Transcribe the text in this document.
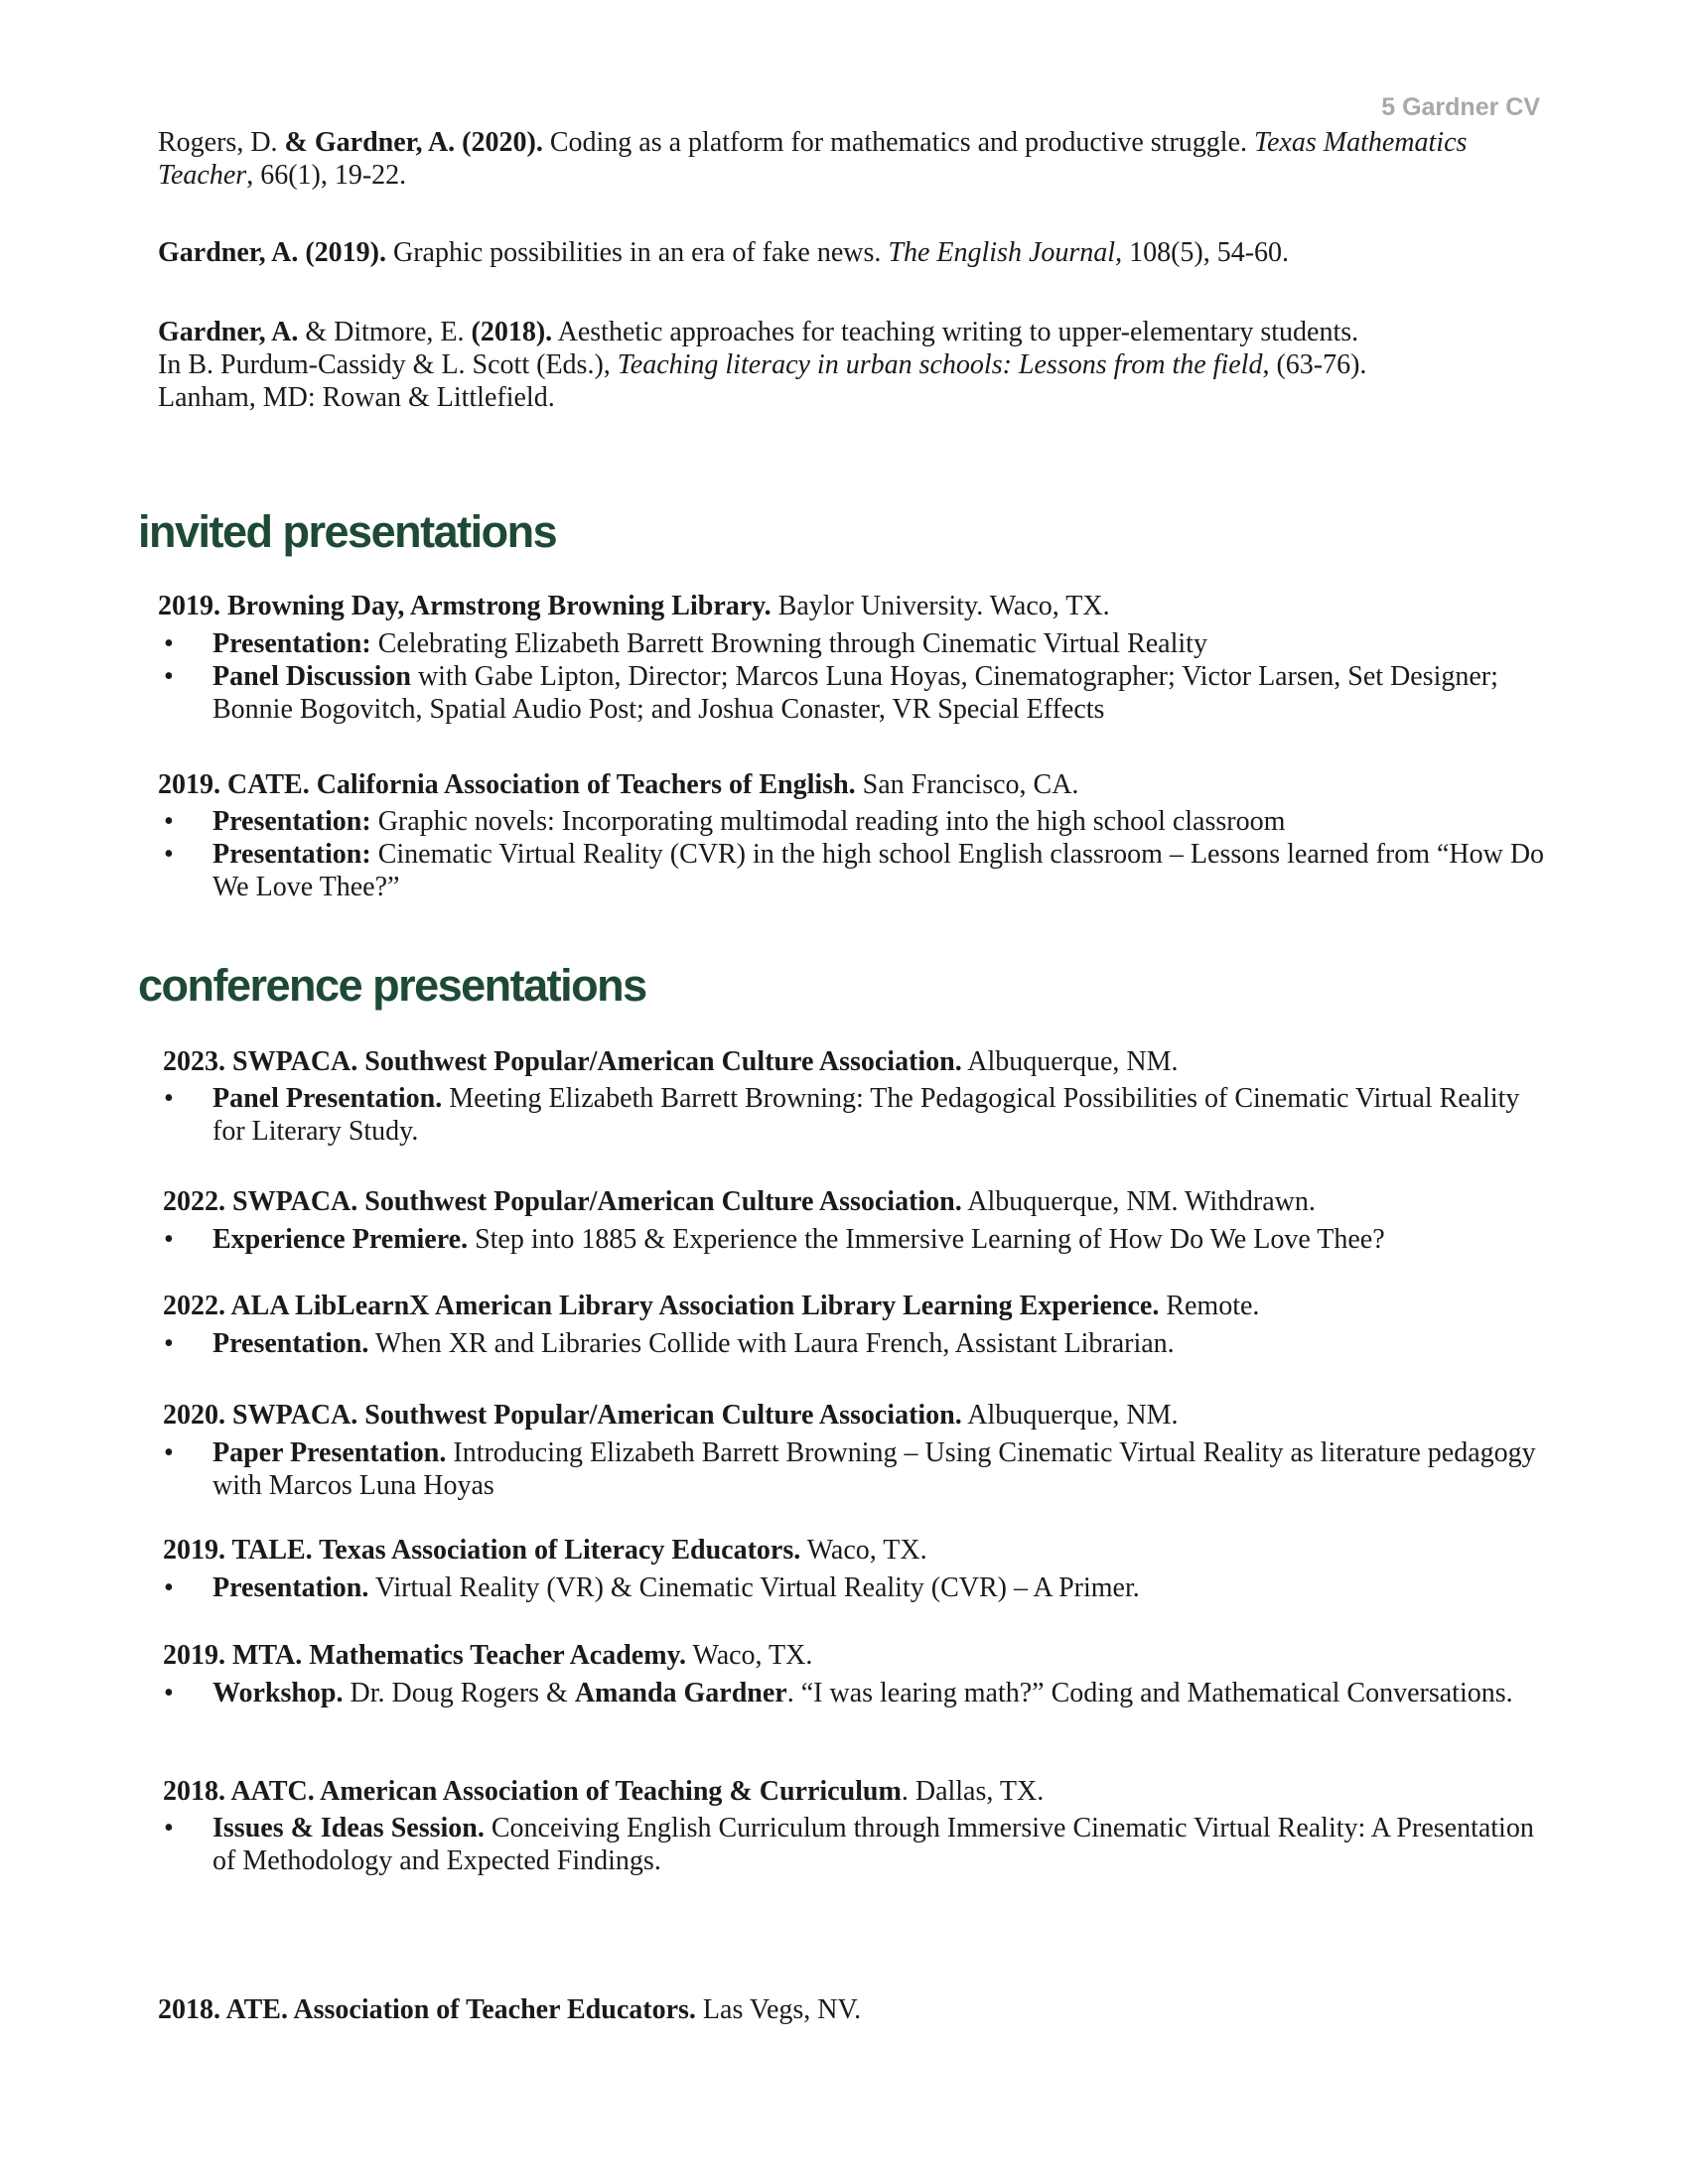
5 Gardner CV
Rogers, D. & Gardner, A. (2020). Coding as a platform for mathematics and productive struggle. Texas Mathematics Teacher, 66(1), 19-22.
Gardner, A. (2019). Graphic possibilities in an era of fake news. The English Journal, 108(5), 54-60.
Gardner, A. & Ditmore, E. (2018). Aesthetic approaches for teaching writing to upper-elementary students.
In B. Purdum-Cassidy & L. Scott (Eds.), Teaching literacy in urban schools: Lessons from the field, (63-76).
Lanham, MD: Rowan & Littlefield.
invited presentations
2019. Browning Day, Armstrong Browning Library. Baylor University. Waco, TX.
• Presentation: Celebrating Elizabeth Barrett Browning through Cinematic Virtual Reality
• Panel Discussion with Gabe Lipton, Director; Marcos Luna Hoyas, Cinematographer; Victor Larsen, Set Designer; Bonnie Bogovitch, Spatial Audio Post; and Joshua Conaster, VR Special Effects
2019. CATE. California Association of Teachers of English. San Francisco, CA.
• Presentation: Graphic novels: Incorporating multimodal reading into the high school classroom
• Presentation: Cinematic Virtual Reality (CVR) in the high school English classroom – Lessons learned from “How Do We Love Thee?”
conference presentations
2023. SWPACA. Southwest Popular/American Culture Association. Albuquerque, NM.
• Panel Presentation. Meeting Elizabeth Barrett Browning: The Pedagogical Possibilities of Cinematic Virtual Reality for Literary Study.
2022. SWPACA. Southwest Popular/American Culture Association. Albuquerque, NM. Withdrawn.
• Experience Premiere. Step into 1885 & Experience the Immersive Learning of How Do We Love Thee?
2022. ALA LibLearnX American Library Association Library Learning Experience. Remote.
• Presentation. When XR and Libraries Collide with Laura French, Assistant Librarian.
2020. SWPACA. Southwest Popular/American Culture Association. Albuquerque, NM.
• Paper Presentation. Introducing Elizabeth Barrett Browning – Using Cinematic Virtual Reality as literature pedagogy with Marcos Luna Hoyas
2019. TALE. Texas Association of Literacy Educators. Waco, TX.
• Presentation. Virtual Reality (VR) & Cinematic Virtual Reality (CVR) – A Primer.
2019. MTA. Mathematics Teacher Academy. Waco, TX.
• Workshop. Dr. Doug Rogers & Amanda Gardner. “I was learing math?” Coding and Mathematical Conversations.
2018. AATC. American Association of Teaching & Curriculum. Dallas, TX.
• Issues & Ideas Session. Conceiving English Curriculum through Immersive Cinematic Virtual Reality: A Presentation of Methodology and Expected Findings.
2018. ATE. Association of Teacher Educators. Las Vegs, NV.
